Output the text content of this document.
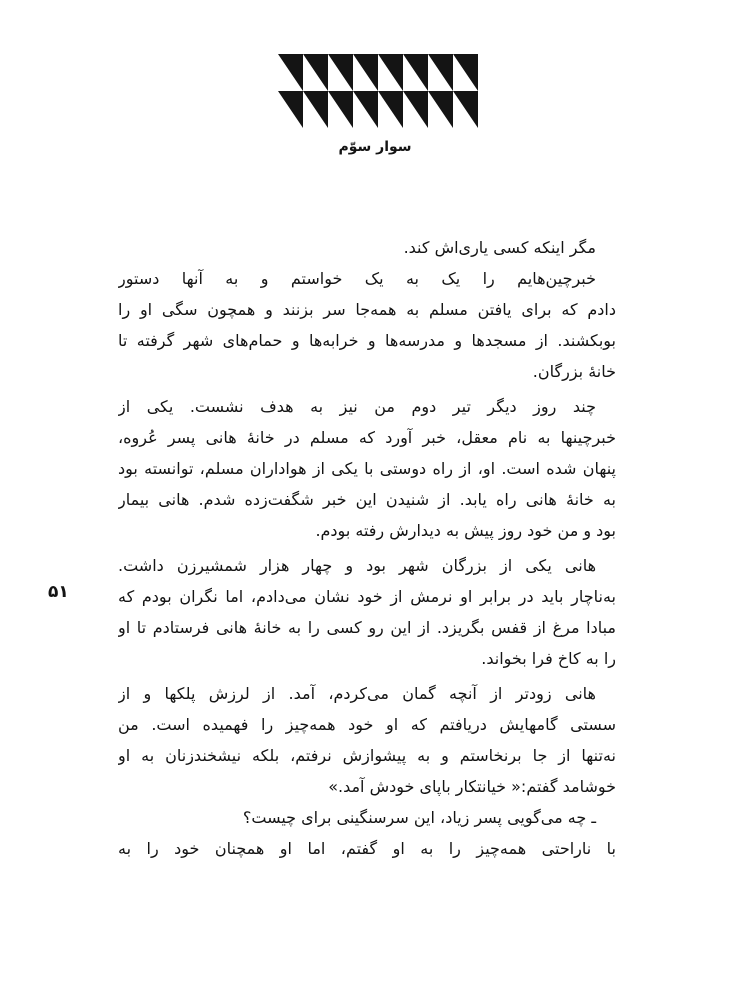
سوار سوّم
۵۱
مگر اینکه کسی یاری‌اش کند.
خبرچین‌هایم را یک به یک خواستم و به آنها دستور
دادم که برای یافتن مسلم به همه‌جا سر بزنند و همچون سگی او را
بوبکشند. از مسجدها و مدرسه‌ها و خرابه‌ها و حمام‌های شهر گرفته تا
خانهٔ بزرگان.
چند روز دیگر تیر دوم من نیز به هدف نشست. یکی از
خبرچینها به نام معقل، خبر آورد که مسلم در خانهٔ هانی پسر عُروه،
پنهان شده است. او، از راه دوستی با یکی از هواداران مسلم، توانسته بود
به خانهٔ هانی راه یابد. از شنیدن این خبر شگفت‌زده شدم. هانی بیمار
بود و من خود روز پیش به دیدارش رفته بودم.
هانی یکی از بزرگان شهر بود و چهار هزار شمشیرزن داشت.
به‌ناچار باید در برابر او نرمش از خود نشان می‌دادم، اما نگران بودم که
مبادا مرغ از قفس بگریزد. از این رو کسی را به خانهٔ هانی فرستادم تا او
را به کاخ فرا بخواند.
هانی زودتر از آنچه گمان می‌کردم، آمد. از لرزش پلکها و از
سستی گامهایش دریافتم که او خود همه‌چیز را فهمیده است. من
نه‌تنها از جا برنخاستم و به پیشوازش نرفتم، بلکه نیشخندزنان به او
خوشامد گفتم:« خیانتکار باپای خودش آمد.»
ـ چه می‌گویی پسر زیاد، این سرسنگینی برای چیست؟
با ناراحتی همه‌چیز را به او گفتم، اما او همچنان خود را به
